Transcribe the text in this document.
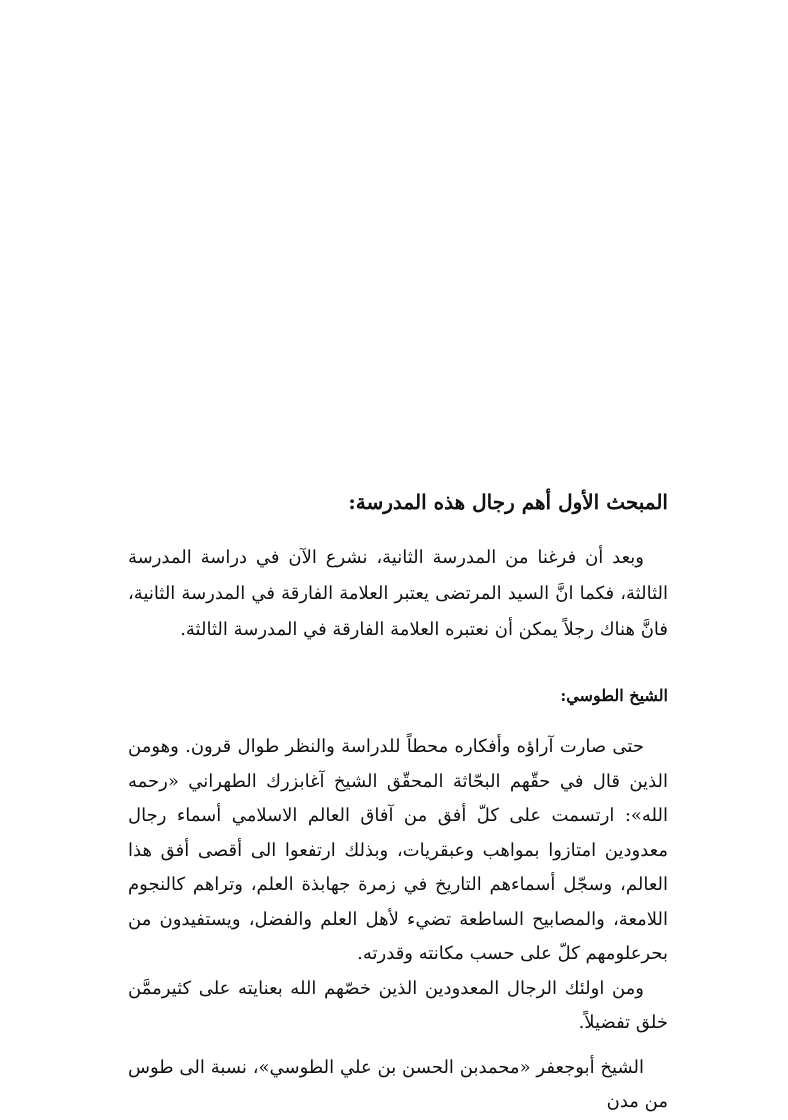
المبحث الأول أهم رجال هذه المدرسة:

وبعد أن فرغنا من المدرسة الثانية، نشرع الآن في دراسة المدرسة الثالثة، فكما انَّ السيد المرتضى يعتبر العلامة الفارقة في المدرسة الثانية، فانَّ هناك رجلاً يمكن أن نعتبره العلامة الفارقة في المدرسة الثالثة.

الشيخ الطوسي:

حتى صارت آراؤه وأفكاره محطاً للدراسة والنظر طوال قرون. وهومن الذين قال في حقّهم البحّاثة المحقّق الشيخ آغابزرك الطهراني «رحمه الله»: ارتسمت على كلّ أفق من آفاق العالم الاسلامي أسماء رجال معدودين امتازوا بمواهب وعبقريات، وبذلك ارتفعوا الى أقصى أفق هذا العالم، وسجّل أسماءهم التاريخ في زمرة جهابذة العلم، وتراهم كالنجوم اللامعة، والمصابيح الساطعة تضيء لأهل العلم والفضل، ويستفيدون من بحرعلومهم كلّ على حسب مكانته وقدرته.

ومن اولئك الرجال المعدودين الذين خصّهم الله بعنايته على كثيرممَّن خلق تفضيلاً.

الشيخ أبوجعفر «محمدبن الحسن بن علي الطوسي»، نسبة الى طوس من مدن
